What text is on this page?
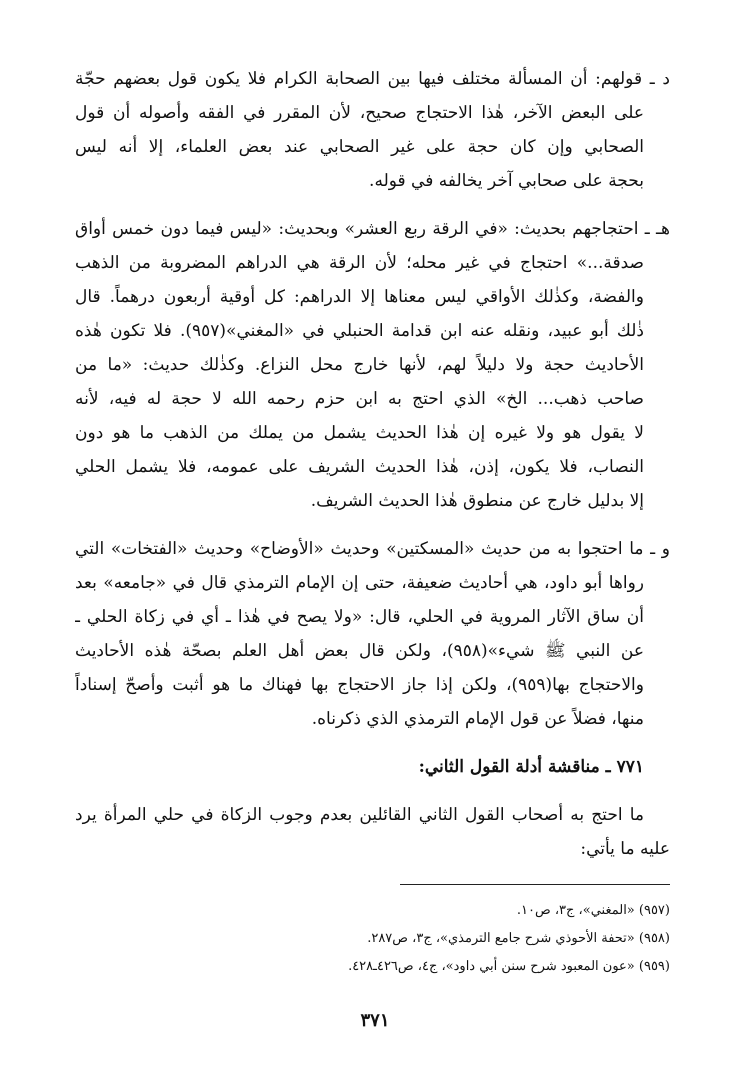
د ـ قولهم: أن المسألة مختلف فيها بين الصحابة الكرام فلا يكون قول بعضهم حجّة
على البعض الآخر، هٰذا الاحتجاج صحيح، لأن المقرر في الفقه وأصوله أن قول
الصحابي وإن كان حجة على غير الصحابي عند بعض العلماء، إلا أنه ليس
بحجة على صحابي آخر يخالفه في قوله.
هـ ـ احتجاجهم بحديث: «في الرقة ربع العشر» وبحديث: «ليس فيما دون خمس أواق
صدقة...» احتجاج في غير محله؛ لأن الرقة هي الدراهم المضروبة من الذهب
والفضة، وكذٰلك الأواقي ليس معناها إلا الدراهم: كل أوقية أربعون درهماً. قال
ذٰلك أبو عبيد، ونقله عنه ابن قدامة الحنبلي في «المغني»(٩٥٧). فلا تكون هٰذه
الأحاديث حجة ولا دليلاً لهم، لأنها خارج محل النزاع. وكذٰلك حديث: «ما من
صاحب ذهب... الخ» الذي احتج به ابن حزم رحمه الله لا حجة له فيه، لأنه
لا يقول هو ولا غيره إن هٰذا الحديث يشمل من يملك من الذهب ما هو دون
النصاب، فلا يكون، إذن، هٰذا الحديث الشريف على عمومه، فلا يشمل الحلي
إلا بدليل خارج عن منطوق هٰذا الحديث الشريف.
و ـ ما احتجوا به من حديث «المسكتين» وحديث «الأوضاح» وحديث «الفتخات» التي
رواها أبو داود، هي أحاديث ضعيفة، حتى إن الإمام الترمذي قال في «جامعه» بعد
أن ساق الآثار المروية في الحلي، قال: «ولا يصح في هٰذا ـ أي في زكاة الحلي ـ
عن النبي ﷺ شيء»(٩٥٨)، ولكن قال بعض أهل العلم بصحّة هٰذه الأحاديث
والاحتجاج بها(٩٥٩)، ولكن إذا جاز الاحتجاج بها فهناك ما هو أثبت وأصحّ إسناداً
منها، فضلاً عن قول الإمام الترمذي الذي ذكرناه.
٧٧١ ـ مناقشة أدلة القول الثاني:
ما احتج به أصحاب القول الثاني القائلين بعدم وجوب الزكاة في حلي المرأة يرد
عليه ما يأتي:
(٩٥٧) «المغني»، ج٣، ص١٠.
(٩٥٨) «تحفة الأحوذي شرح جامع الترمذي»، ج٣، ص٢٨٧.
(٩٥٩) «عون المعبود شرح سنن أبي داود»، ج٤، ص٤٢٦ـ٤٢٨.
٣٧١
